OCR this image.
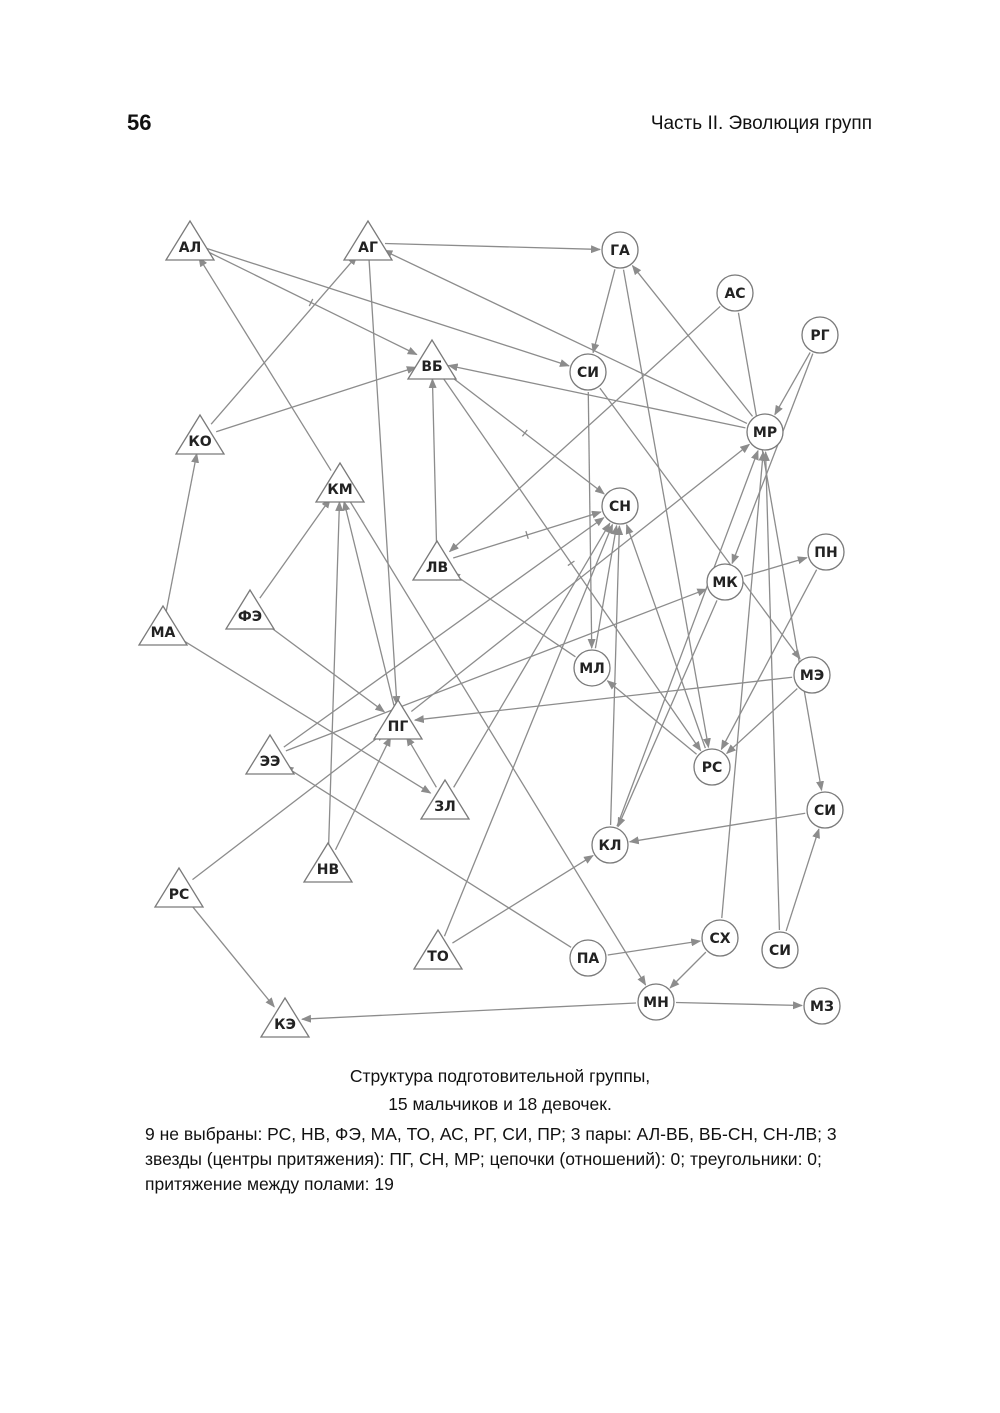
56	Часть II. Эволюция групп
АЛ	АГ	ГА
АС
РГ
СИ
ВБ
МР
КО
КМ
СН
ЛВ
ПН
МК
ФЭ
МА
МЛ	МЭ
ПГ
ЭЭ	РС
ЗЛ	СИ
КЛ
НВ
РС
СХ
ТО	ПА	СИ
МН	МЗ
КЭ
Структура подготовительной группы,
15 мальчиков и 18 девочек.
9 не выбраны: РС, НВ, ФЭ, МА, ТО, АС, РГ, СИ, ПР; 3 пары: АЛ-ВБ, ВБ-СН, СН-ЛВ; 3 звезды (центры притяжения): ПГ, СН, МР; цепочки (отношений): 0; треугольники: 0; притяжение между полами: 19
